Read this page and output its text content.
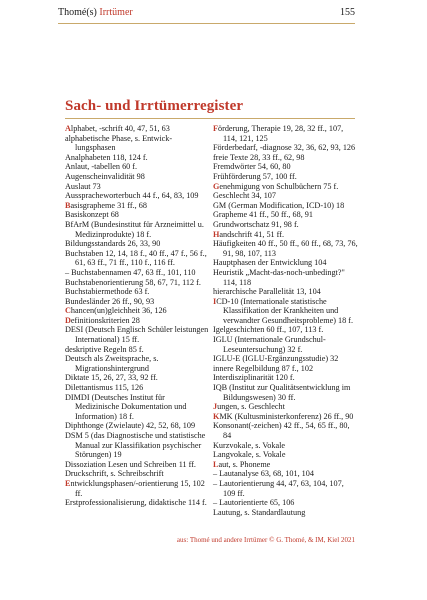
Thomé(s) Irrtümer	155
Sach- und Irrtümerregister

Alphabet, -schrift 40, 47, 51, 63

alphabetische Phase, s. Entwick-lungsphasen

Analphabeten 118, 124 f.

Anlaut, -tabellen 60 f.

Augenscheinvalidität 98

Auslaut 73

Ausspracheworterbuch 44 f., 64, 83, 109

Basisgrapheme 31 ff., 68

Basiskonzept 68

BfArM (Bundesinstitut für Arzneimittel u. Medizinprodukte) 18 f.

Bildungsstandards 26, 33, 90

Buchstaben 12, 14, 18 f., 40 ff., 47 f., 56 f., 61, 63 ff., 71 ff., 110 f., 116 ff.

– Buchstabennamen 47, 63 ff., 101, 110

Buchstabenorientierung 58, 67, 71, 112 f.

Buchstabiermethode 63 f.

Bundesländer 26 ff., 90, 93

Chancen(un)gleichheit 36, 126

Definitionskriterien 28

DESI (Deutsch Englisch Schüler leistungen International) 15 ff.

deskriptive Regeln 85 f.

Deutsch als Zweitsprache, s. Migrationshintergrund

Diktate 15, 26, 27, 33, 92 ff.

Dilettantismus 115, 126

DIMDI (Deutsches Institut für Medizinische Dokumentation und Information) 18 f.

Diphthonge (Zwielaute) 42, 52, 68, 109

DSM 5 (das Diagnostische und statistische Manual zur Klassifikation psychischer Störungen) 19

Dissoziation Lesen und Schreiben 11 ff.

Druckschrift, s. Schreibschrift

Entwicklungsphasen/-orientierung 15, 102 ff.

Erstprofessionalisierung, didaktische 114 f.

Förderung, Therapie 19, 28, 32 ff., 107, 114, 121, 125

Förderbedarf, -diagnose 32, 36, 62, 93, 126

freie Texte 28, 33 ff., 62, 98

Fremdwörter 54, 60, 80

Frühförderung 57, 100 ff.

Genehmigung von Schulbüchern 75 f.

Geschlecht 34, 107

GM (German Modification, ICD-10) 18

Grapheme 41 ff., 50 ff., 68, 91

Grundwortschatz 91, 98 f.

Handschrift 41, 51 ff.

Häufigkeiten 40 ff., 50 ff., 60 ff., 68, 73, 76, 91, 98, 107, 113

Hauptphasen der Entwicklung 104

Heuristik „Macht-das-noch-unbedingt?" 114, 118

hierarchische Parallelität 13, 104

ICD-10 (Internationale statistische Klassifikation der Krankheiten und verwandter Gesundheitsprobleme) 18 f.

Igelgeschichten 60 ff., 107, 113 f.

IGLU (Internationale Grundschul-Leseuntersuchung) 32 f.

IGLU-E (IGLU-Ergänzungsstudie) 32

innere Regelbildung 87 f., 102

Interdisziplinarität 120 f.

IQB (Institut zur Qualitätsentwicklung im Bildungswesen) 30 ff.

Jungen, s. Geschlecht

KMK (Kultusministerkonferenz) 26 ff., 90

Konsonant(-zeichen) 42 ff., 54, 65 ff., 80, 84

Kurzvokale, s. Vokale

Langvokale, s. Vokale

Laut, s. Phoneme

– Lautanalyse 63, 68, 101, 104

– Lautorientierung 44, 47, 63, 104, 107, 109 ff.

– Lautorientierte 65, 106

Lautung, s. Standardlautung

aus: Thomé und andere Irrtümer © G. Thomé, & IM, Kiel 2021
